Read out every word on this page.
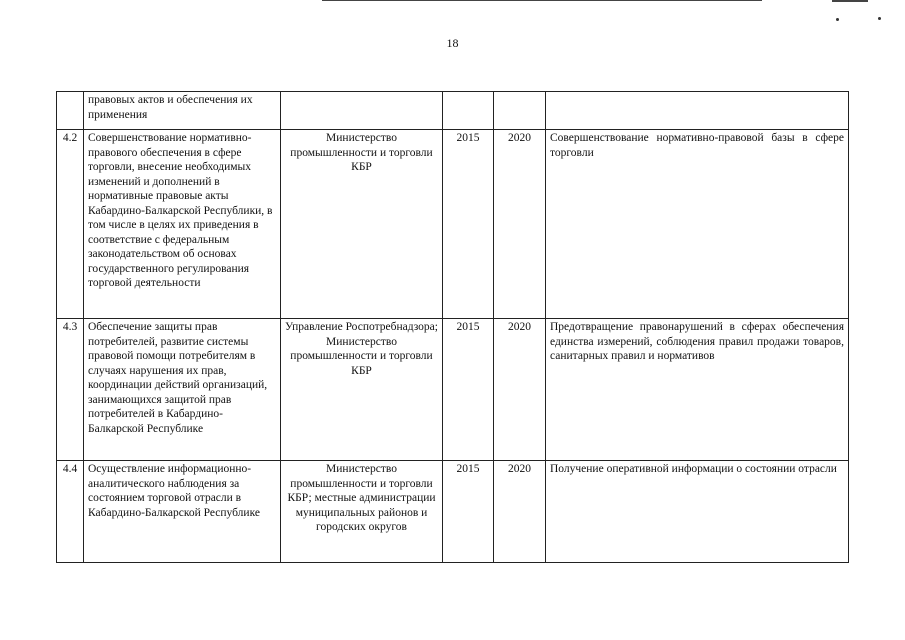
18
	правовых актов и обеспечения их применения				
4.2	Совершенствование нормативно-правового обеспечения в сфере торговли, внесение необходимых изменений и дополнений в нормативные правовые акты Кабардино-Балкарской Республики, в том числе в целях их приведения в соответствие с федеральным законодательством об основах государственного регулирования торговой деятельности	Министерство промышленности и торговли КБР	2015	2020	Совершенствование нормативно-правовой базы в сфере торговли
4.3	Обеспечение защиты прав потребителей, развитие системы правовой помощи потребителям в случаях нарушения их прав, координации действий организаций, занимающихся защитой прав потребителей в Кабардино-Балкарской Республике	Управление Роспотребнадзора; Министерство промышленности и торговли КБР	2015	2020	Предотвращение правонарушений в сферах обеспечения единства измерений, соблюдения правил продажи товаров, санитарных правил и нормативов
4.4	Осуществление информационно-аналитического наблюдения за состоянием торговой отрасли в Кабардино-Балкарской Республике	Министерство промышленности и торговли КБР; местные администрации муниципальных районов и городских округов	2015	2020	Получение оперативной информации о состоянии отрасли
